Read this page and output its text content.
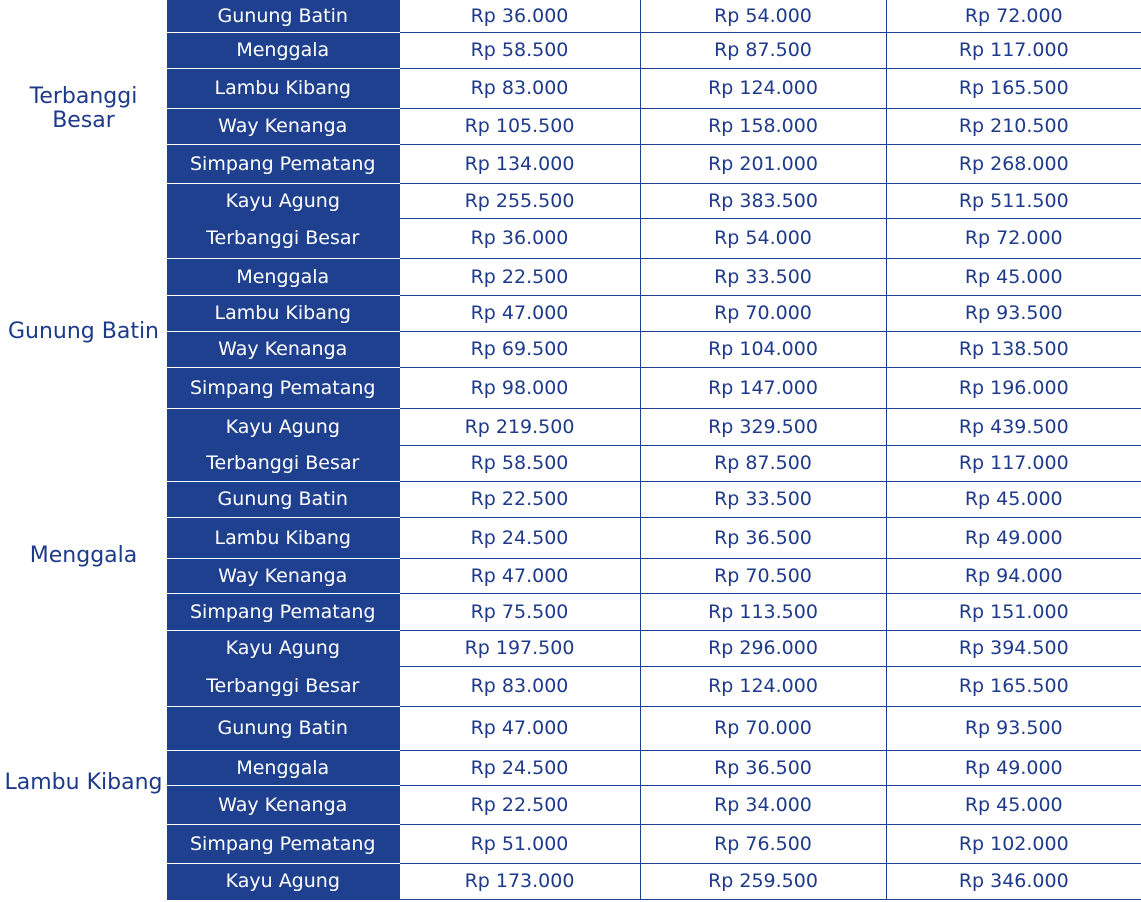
Terbanggi Besar	Gunung Batin	Rp 36.000	Rp 54.000	Rp 72.000
	Menggala	Rp 58.500	Rp 87.500	Rp 117.000
	Lambu Kibang	Rp 83.000	Rp 124.000	Rp 165.500
	Way Kenanga	Rp 105.500	Rp 158.000	Rp 210.500
	Simpang Pematang	Rp 134.000	Rp 201.000	Rp 268.000
	Kayu Agung	Rp 255.500	Rp 383.500	Rp 511.500
Gunung Batin	Terbanggi Besar	Rp 36.000	Rp 54.000	Rp 72.000
	Menggala	Rp 22.500	Rp 33.500	Rp 45.000
	Lambu Kibang	Rp 47.000	Rp 70.000	Rp 93.500
	Way Kenanga	Rp 69.500	Rp 104.000	Rp 138.500
	Simpang Pematang	Rp 98.000	Rp 147.000	Rp 196.000
	Kayu Agung	Rp 219.500	Rp 329.500	Rp 439.500
Menggala	Terbanggi Besar	Rp 58.500	Rp 87.500	Rp 117.000
	Gunung Batin	Rp 22.500	Rp 33.500	Rp 45.000
	Lambu Kibang	Rp 24.500	Rp 36.500	Rp 49.000
	Way Kenanga	Rp 47.000	Rp 70.500	Rp 94.000
	Simpang Pematang	Rp 75.500	Rp 113.500	Rp 151.000
	Kayu Agung	Rp 197.500	Rp 296.000	Rp 394.500
Lambu Kibang	Terbanggi Besar	Rp 83.000	Rp 124.000	Rp 165.500
	Gunung Batin	Rp 47.000	Rp 70.000	Rp 93.500
	Menggala	Rp 24.500	Rp 36.500	Rp 49.000
	Way Kenanga	Rp 22.500	Rp 34.000	Rp 45.000
	Simpang Pematang	Rp 51.000	Rp 76.500	Rp 102.000
	Kayu Agung	Rp 173.000	Rp 259.500	Rp 346.000
